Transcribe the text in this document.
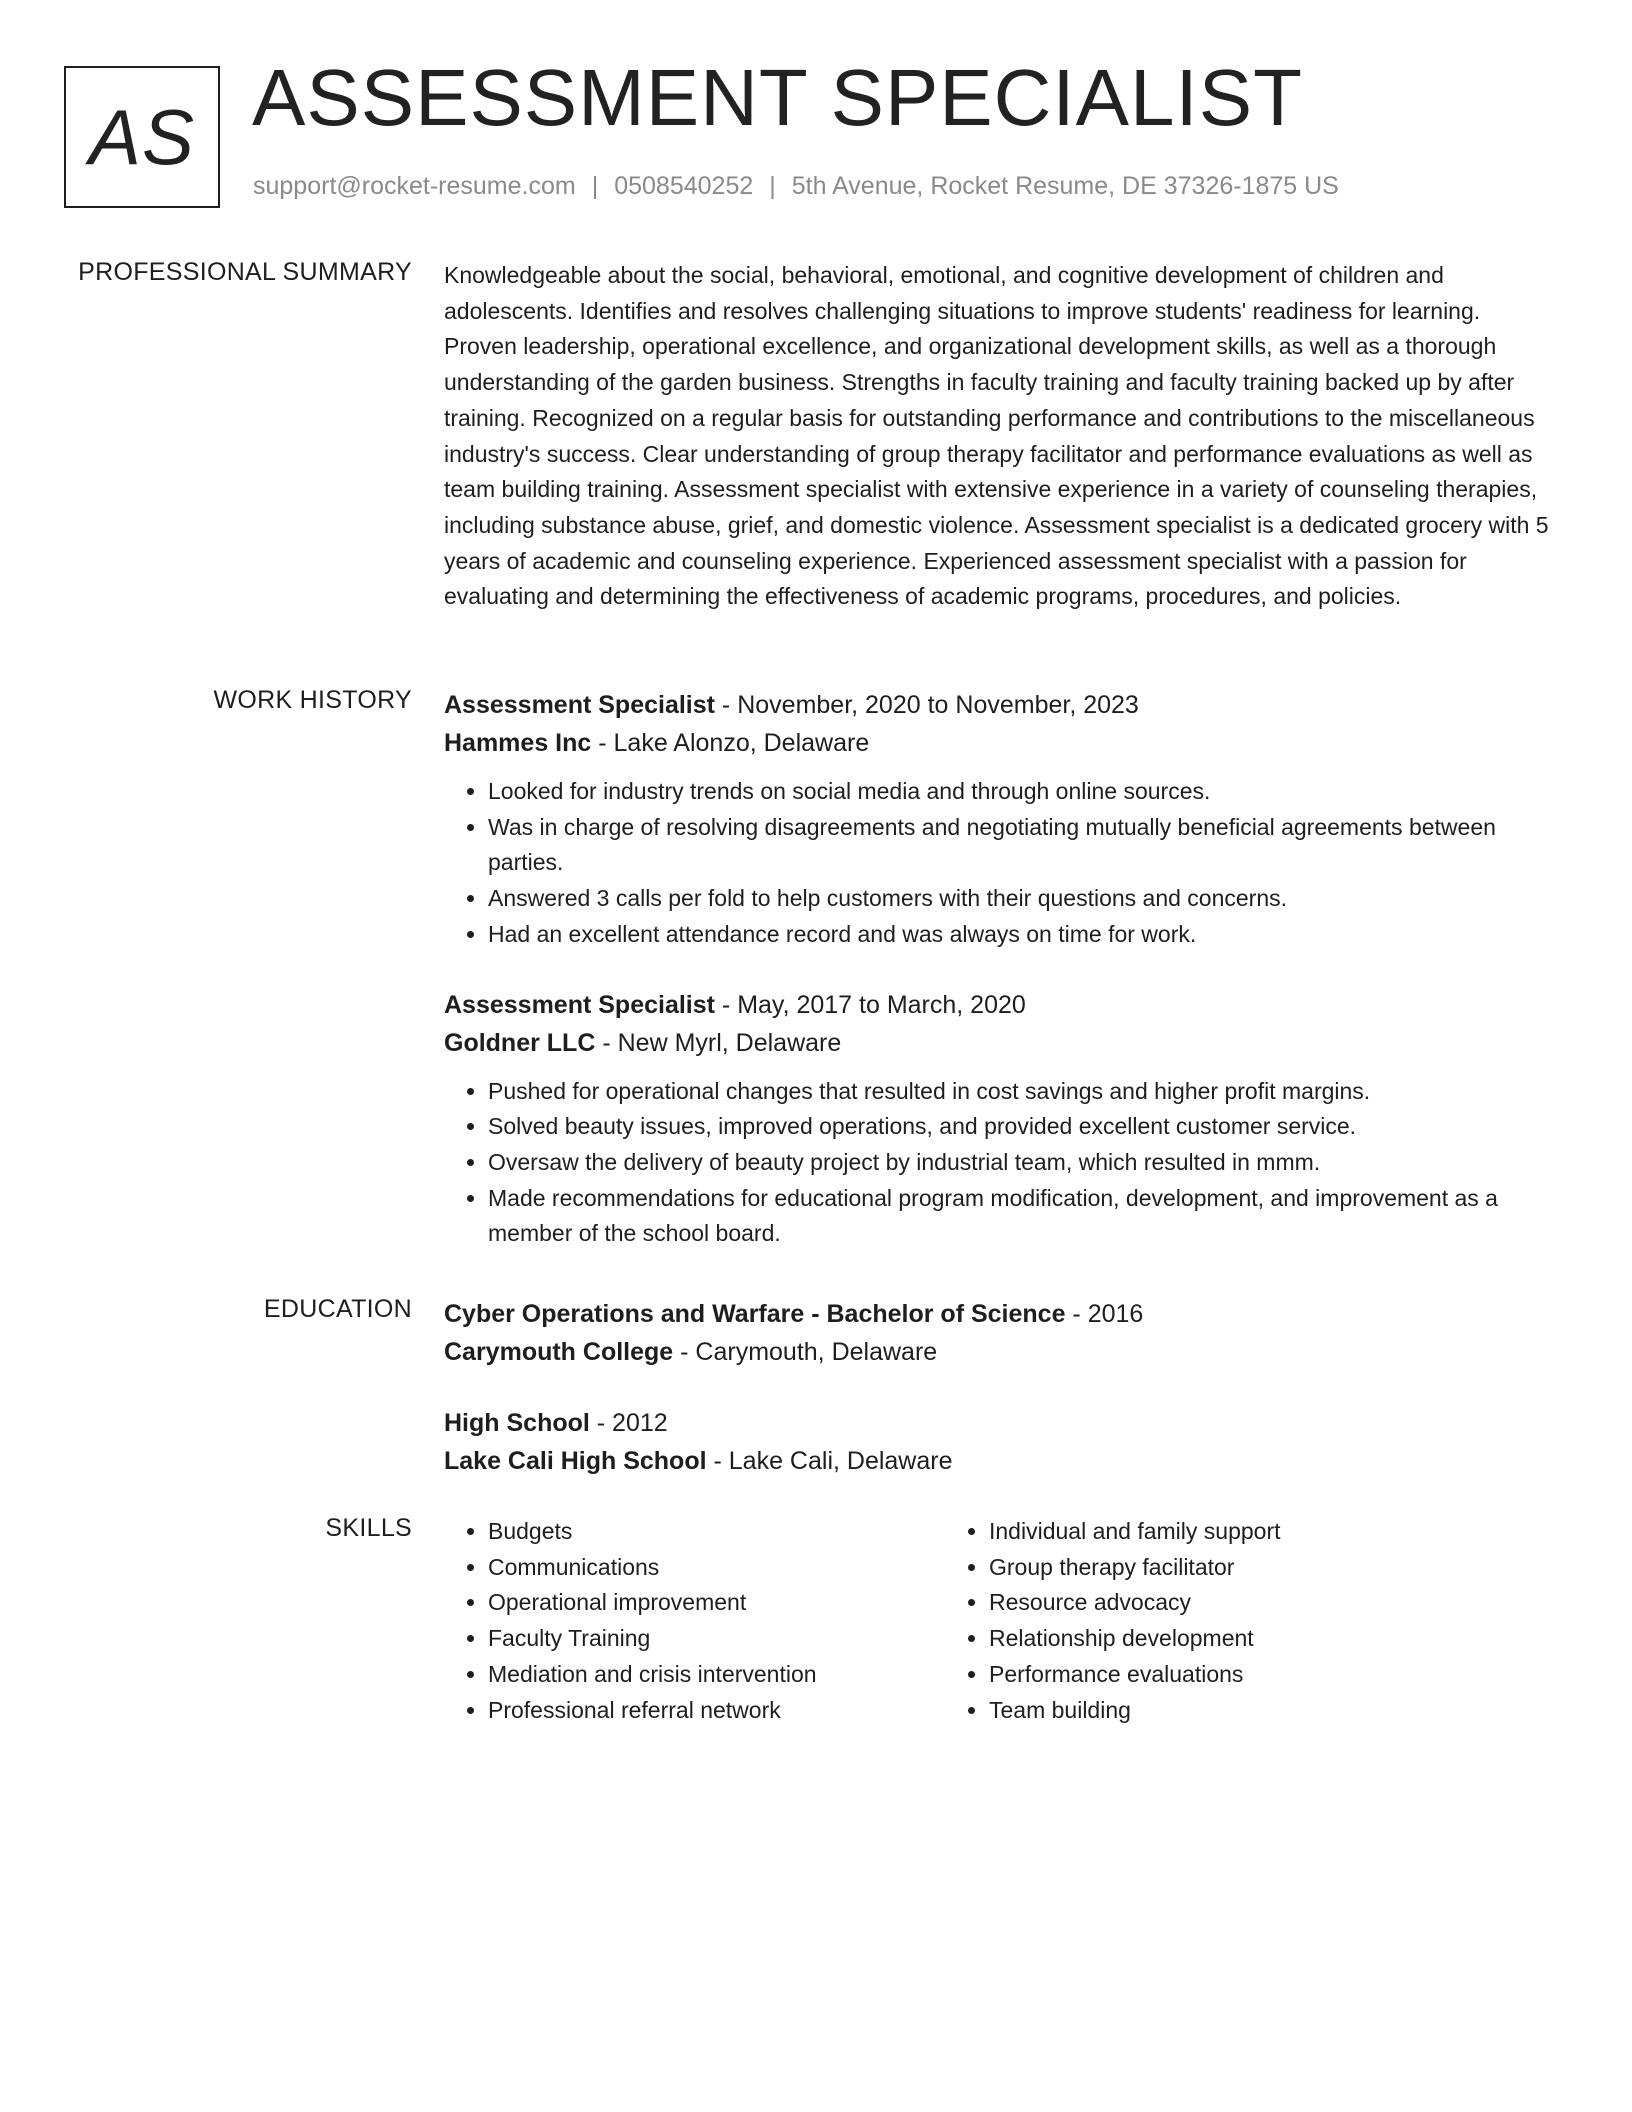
AS ASSESSMENT SPECIALIST
support@rocket-resume.com | 0508540252 | 5th Avenue, Rocket Resume, DE 37326-1875 US
PROFESSIONAL SUMMARY Knowledgeable about the social, behavioral, emotional, and cognitive development of children and adolescents. Identifies and resolves challenging situations to improve students' readiness for learning. Proven leadership, operational excellence, and organizational development skills, as well as a thorough understanding of the garden business. Strengths in faculty training and faculty training backed up by after training. Recognized on a regular basis for outstanding performance and contributions to the miscellaneous industry's success. Clear understanding of group therapy facilitator and performance evaluations as well as team building training. Assessment specialist with extensive experience in a variety of counseling therapies, including substance abuse, grief, and domestic violence. Assessment specialist is a dedicated grocery with 5 years of academic and counseling experience. Experienced assessment specialist with a passion for evaluating and determining the effectiveness of academic programs, procedures, and policies.
WORK HISTORY Assessment Specialist - November, 2020 to November, 2023
Hammes Inc - Lake Alonzo, Delaware
• Looked for industry trends on social media and through online sources.
• Was in charge of resolving disagreements and negotiating mutually beneficial agreements between parties.
• Answered 3 calls per fold to help customers with their questions and concerns.
• Had an excellent attendance record and was always on time for work.
Assessment Specialist - May, 2017 to March, 2020
Goldner LLC - New Myrl, Delaware
• Pushed for operational changes that resulted in cost savings and higher profit margins.
• Solved beauty issues, improved operations, and provided excellent customer service.
• Oversaw the delivery of beauty project by industrial team, which resulted in mmm.
• Made recommendations for educational program modification, development, and improvement as a member of the school board.
EDUCATION Cyber Operations and Warfare - Bachelor of Science - 2016
Carymouth College - Carymouth, Delaware
High School - 2012
Lake Cali High School - Lake Cali, Delaware
SKILLS
•	Budgets
• Communications
• Operational improvement
• Faculty Training
• Mediation and crisis intervention
• Professional referral network
• Individual and family support
• Group therapy facilitator
• Resource advocacy
• Relationship development
• Performance evaluations
• Team building
